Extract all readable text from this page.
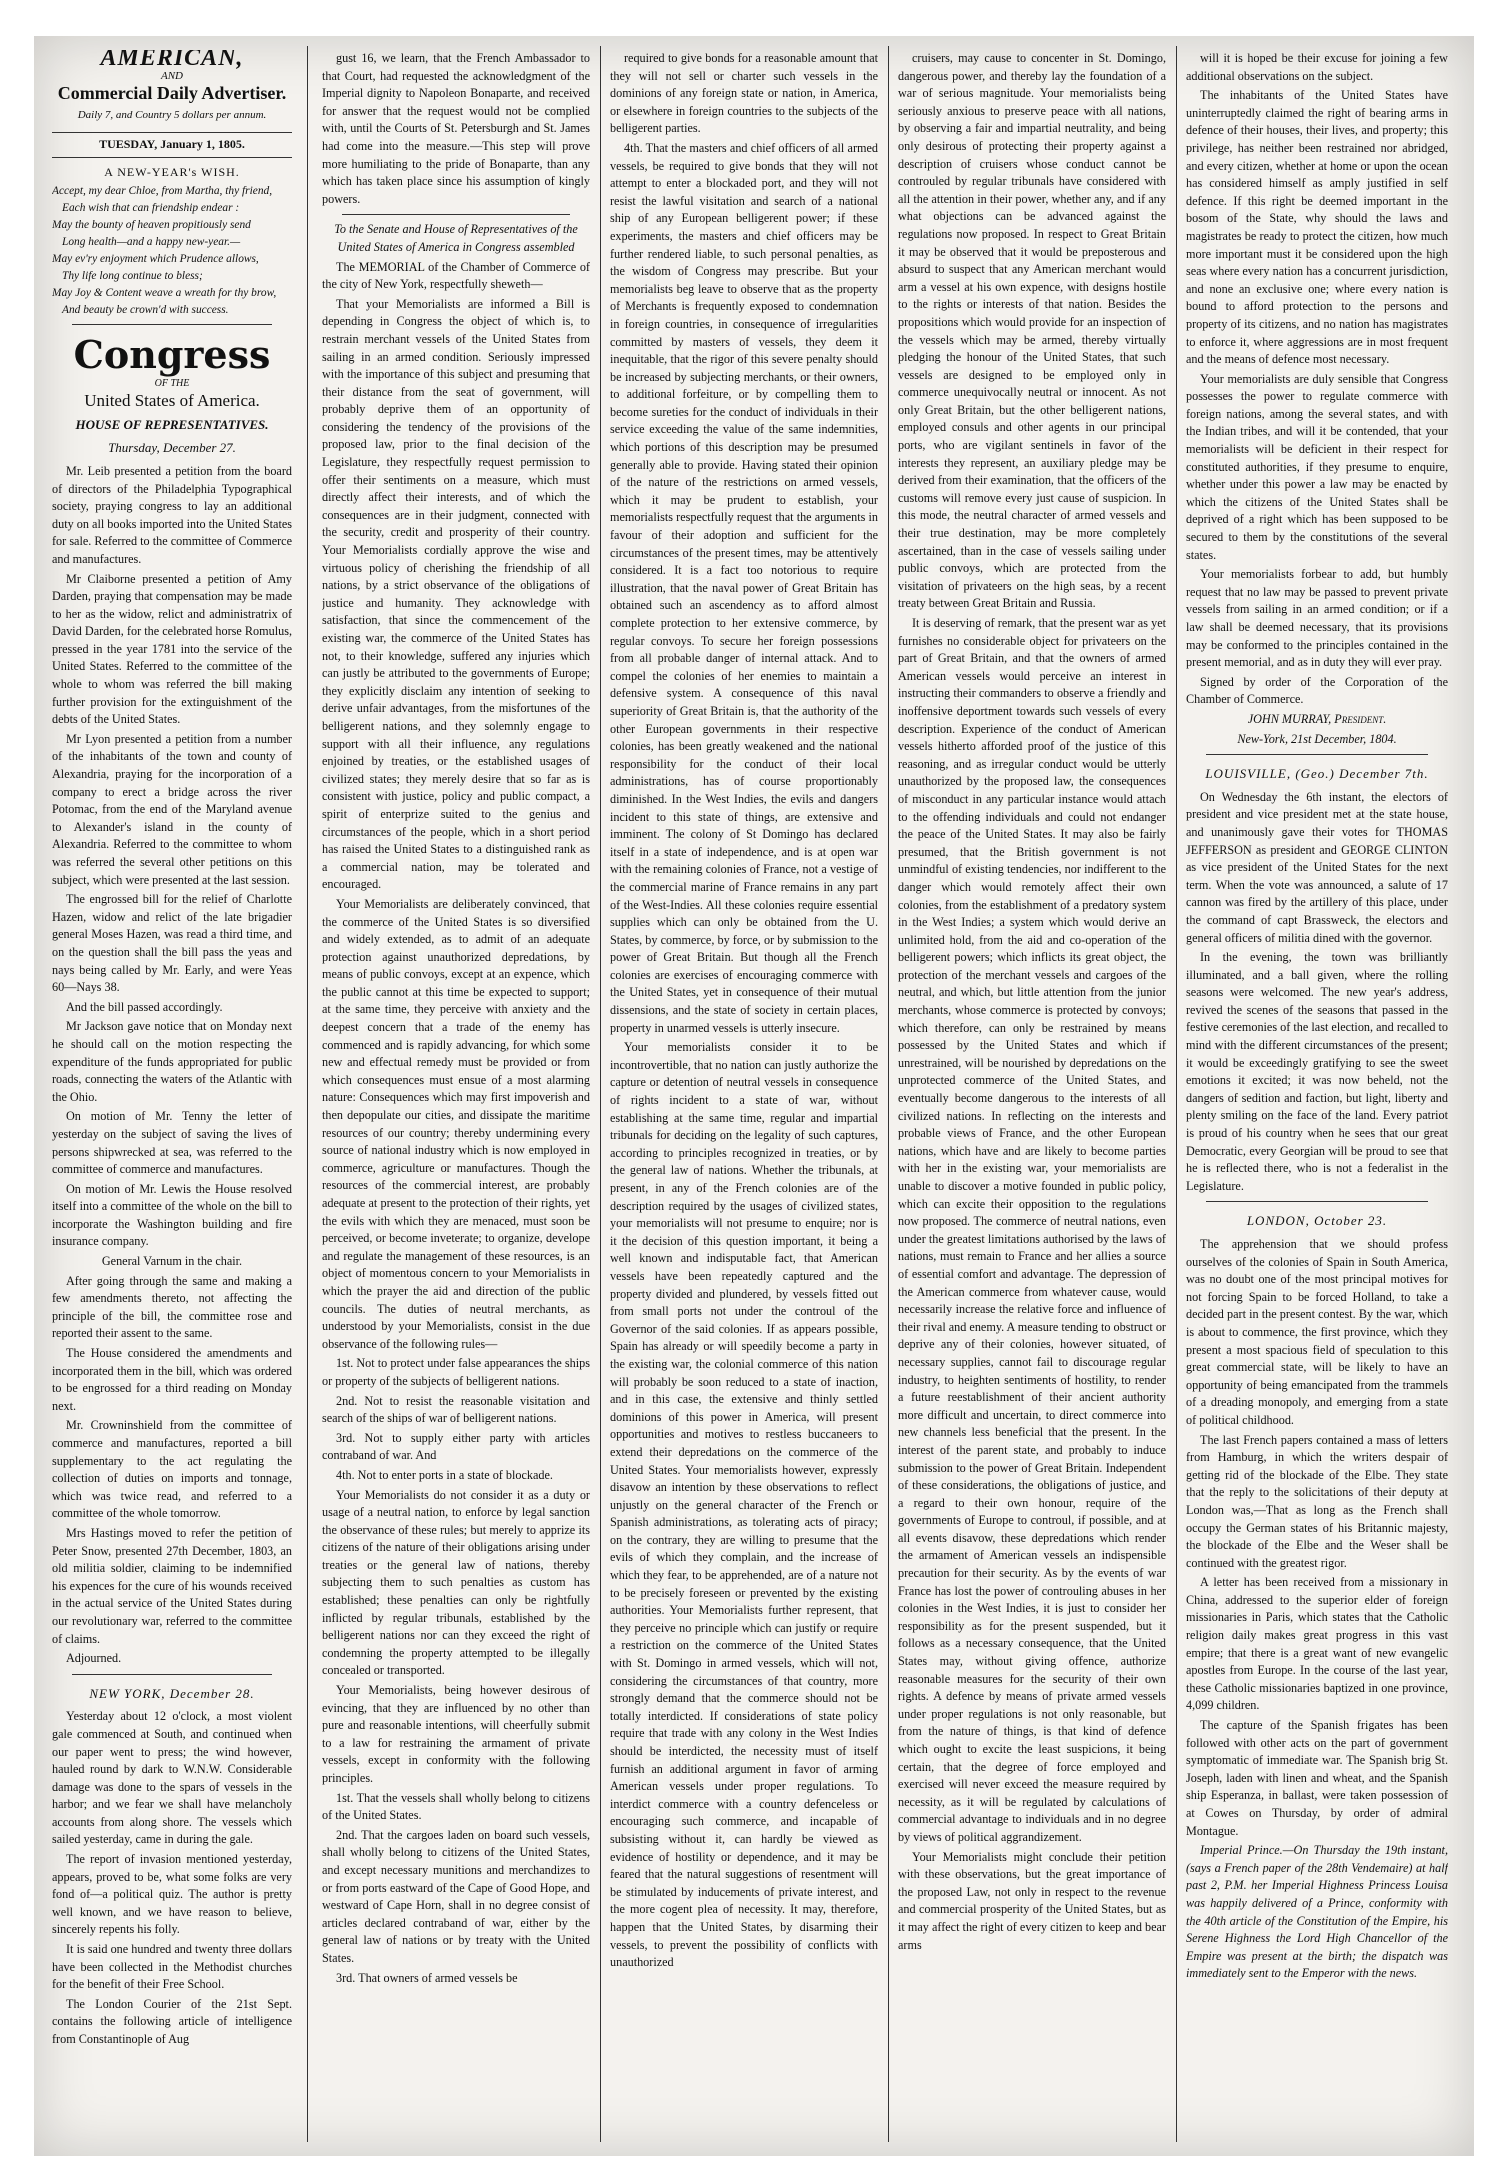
AMERICAN,
AND
Commercial Daily Advertiser.
Daily 7, and Country 5 dollars per annum.
TUESDAY, January 1, 1805.
A NEW-YEAR's WISH.

Accept, my dear Chloe, from Martha, thy friend,

Each wish that can friendship endear :

May the bounty of heaven propitiously send

Long health—and a happy new-year.—

May ev'ry enjoyment which Prudence allows,

Thy life long continue to bless;

May Joy & Content weave a wreath for thy brow,

And beauty be crown'd with success.

Congress
OF THE
United States of America.
HOUSE OF REPRESENTATIVES.
Thursday, December 27.

Mr. Leib presented a petition from the board of directors of the Philadelphia Typographical society, praying congress to lay an additional duty on all books imported into the United States for sale. Referred to the committee of Commerce and manufactures.

Mr Claiborne presented a petition of Amy Darden, praying that compensation may be made to her as the widow, relict and administratrix of David Darden, for the celebrated horse Romulus, pressed in the year 1781 into the service of the United States. Referred to the committee of the whole to whom was referred the bill making further provision for the extinguishment of the debts of the United States.

Mr Lyon presented a petition from a number of the inhabitants of the town and county of Alexandria, praying for the incorporation of a company to erect a bridge across the river Potomac, from the end of the Maryland avenue to Alexander's island in the county of Alexandria. Referred to the committee to whom was referred the several other petitions on this subject, which were presented at the last session.

The engrossed bill for the relief of Charlotte Hazen, widow and relict of the late brigadier general Moses Hazen, was read a third time, and on the question shall the bill pass the yeas and nays being called by Mr. Early, and were Yeas 60—Nays 38.

And the bill passed accordingly.

Mr Jackson gave notice that on Monday next he should call on the motion respecting the expenditure of the funds appropriated for public roads, connecting the waters of the Atlantic with the Ohio.

On motion of Mr. Tenny the letter of yesterday on the subject of saving the lives of persons shipwrecked at sea, was referred to the committee of commerce and manufactures.

On motion of Mr. Lewis the House resolved itself into a committee of the whole on the bill to incorporate the Washington building and fire insurance company.

General Varnum in the chair.

After going through the same and making a few amendments thereto, not affecting the principle of the bill, the committee rose and reported their assent to the same.

The House considered the amendments and incorporated them in the bill, which was ordered to be engrossed for a third reading on Monday next.

Mr. Crowninshield from the committee of commerce and manufactures, reported a bill supplementary to the act regulating the collection of duties on imports and tonnage, which was twice read, and referred to a committee of the whole tomorrow.

Mrs Hastings moved to refer the petition of Peter Snow, presented 27th December, 1803, an old militia soldier, claiming to be indemnified his expences for the cure of his wounds received in the actual service of the United States during our revolutionary war, referred to the committee of claims.

Adjourned.

NEW YORK, December 28.

Yesterday about 12 o'clock, a most violent gale commenced at South, and continued when our paper went to press; the wind however, hauled round by dark to W.N.W. Considerable damage was done to the spars of vessels in the harbor; and we fear we shall have melancholy accounts from along shore. The vessels which sailed yesterday, came in during the gale.

The report of invasion mentioned yesterday, appears, proved to be, what some folks are very fond of—a political quiz. The author is pretty well known, and we have reason to believe, sincerely repents his folly.

It is said one hundred and twenty three dollars have been collected in the Methodist churches for the benefit of their Free School.

The London Courier of the 21st Sept. contains the following article of intelligence from Constantinople of Aug

gust 16, we learn, that the French Ambassador to that Court, had requested the acknowledgment of the Imperial dignity to Napoleon Bonaparte, and received for answer that the request would not be complied with, until the Courts of St. Petersburgh and St. James had come into the measure.—This step will prove more humiliating to the pride of Bonaparte, than any which has taken place since his assumption of kingly powers.

To the Senate and House of Representatives of the United States of America in Congress assembled

The MEMORIAL of the Chamber of Commerce of the city of New York, respectfully sheweth—

That your Memorialists are informed a Bill is depending in Congress the object of which is, to restrain merchant vessels of the United States from sailing in an armed condition. Seriously impressed with the importance of this subject and presuming that their distance from the seat of government, will probably deprive them of an opportunity of considering the tendency of the provisions of the proposed law, prior to the final decision of the Legislature, they respectfully request permission to offer their sentiments on a measure, which must directly affect their interests, and of which the consequences are in their judgment, connected with the security, credit and prosperity of their country. Your Memorialists cordially approve the wise and virtuous policy of cherishing the friendship of all nations, by a strict observance of the obligations of justice and humanity. They acknowledge with satisfaction, that since the commencement of the existing war, the commerce of the United States has not, to their knowledge, suffered any injuries which can justly be attributed to the governments of Europe; they explicitly disclaim any intention of seeking to derive unfair advantages, from the misfortunes of the belligerent nations, and they solemnly engage to support with all their influence, any regulations enjoined by treaties, or the established usages of civilized states; they merely desire that so far as is consistent with justice, policy and public compact, a spirit of enterprize suited to the genius and circumstances of the people, which in a short period has raised the United States to a distinguished rank as a commercial nation, may be tolerated and encouraged.

Your Memorialists are deliberately convinced, that the commerce of the United States is so diversified and widely extended, as to admit of an adequate protection against unauthorized depredations, by means of public convoys, except at an expence, which the public cannot at this time be expected to support; at the same time, they perceive with anxiety and the deepest concern that a trade of the enemy has commenced and is rapidly advancing, for which some new and effectual remedy must be provided or from which consequences must ensue of a most alarming nature: Consequences which may first impoverish and then depopulate our cities, and dissipate the maritime resources of our country; thereby undermining every source of national industry which is now employed in commerce, agriculture or manufactures. Though the resources of the commercial interest, are probably adequate at present to the protection of their rights, yet the evils with which they are menaced, must soon be perceived, or become inveterate; to organize, develope and regulate the management of these resources, is an object of momentous concern to your Memorialists in which the prayer the aid and direction of the public councils. The duties of neutral merchants, as understood by your Memorialists, consist in the due observance of the following rules—

1st. Not to protect under false appearances the ships or property of the subjects of belligerent nations.

2nd. Not to resist the reasonable visitation and search of the ships of war of belligerent nations.

3rd. Not to supply either party with articles contraband of war. And

4th. Not to enter ports in a state of blockade.

Your Memorialists do not consider it as a duty or usage of a neutral nation, to enforce by legal sanction the observance of these rules; but merely to apprize its citizens of the nature of their obligations arising under treaties or the general law of nations, thereby subjecting them to such penalties as custom has established; these penalties can only be rightfully inflicted by regular tribunals, established by the belligerent nations nor can they exceed the right of condemning the property attempted to be illegally concealed or transported.

Your Memorialists, being however desirous of evincing, that they are influenced by no other than pure and reasonable intentions, will cheerfully submit to a law for restraining the armament of private vessels, except in conformity with the following principles.

1st. That the vessels shall wholly belong to citizens of the United States.

2nd. That the cargoes laden on board such vessels, shall wholly belong to citizens of the United States, and except necessary munitions and merchandizes to or from ports eastward of the Cape of Good Hope, and westward of Cape Horn, shall in no degree consist of articles declared contraband of war, either by the general law of nations or by treaty with the United States.

3rd. That owners of armed vessels be

required to give bonds for a reasonable amount that they will not sell or charter such vessels in the dominions of any foreign state or nation, in America, or elsewhere in foreign countries to the subjects of the belligerent parties.

4th. That the masters and chief officers of all armed vessels, be required to give bonds that they will not attempt to enter a blockaded port, and they will not resist the lawful visitation and search of a national ship of any European belligerent power; if these experiments, the masters and chief officers may be further rendered liable, to such personal penalties, as the wisdom of Congress may prescribe. But your memorialists beg leave to observe that as the property of Merchants is frequently exposed to condemnation in foreign countries, in consequence of irregularities committed by masters of vessels, they deem it inequitable, that the rigor of this severe penalty should be increased by subjecting merchants, or their owners, to additional forfeiture, or by compelling them to become sureties for the conduct of individuals in their service exceeding the value of the same indemnities, which portions of this description may be presumed generally able to provide. Having stated their opinion of the nature of the restrictions on armed vessels, which it may be prudent to establish, your memorialists respectfully request that the arguments in favour of their adoption and sufficient for the circumstances of the present times, may be attentively considered. It is a fact too notorious to require illustration, that the naval power of Great Britain has obtained such an ascendency as to afford almost complete protection to her extensive commerce, by regular convoys. To secure her foreign possessions from all probable danger of internal attack. And to compel the colonies of her enemies to maintain a defensive system. A consequence of this naval superiority of Great Britain is, that the authority of the other European governments in their respective colonies, has been greatly weakened and the national responsibility for the conduct of their local administrations, has of course proportionably diminished. In the West Indies, the evils and dangers incident to this state of things, are extensive and imminent. The colony of St Domingo has declared itself in a state of independence, and is at open war with the remaining colonies of France, not a vestige of the commercial marine of France remains in any part of the West-Indies. All these colonies require essential supplies which can only be obtained from the U. States, by commerce, by force, or by submission to the power of Great Britain. But though all the French colonies are exercises of encouraging commerce with the United States, yet in consequence of their mutual dissensions, and the state of society in certain places, property in unarmed vessels is utterly insecure.

Your memorialists consider it to be incontrovertible, that no nation can justly authorize the capture or detention of neutral vessels in consequence of rights incident to a state of war, without establishing at the same time, regular and impartial tribunals for deciding on the legality of such captures, according to principles recognized in treaties, or by the general law of nations. Whether the tribunals, at present, in any of the French colonies are of the description required by the usages of civilized states, your memorialists will not presume to enquire; nor is it the decision of this question important, it being a well known and indisputable fact, that American vessels have been repeatedly captured and the property divided and plundered, by vessels fitted out from small ports not under the controul of the Governor of the said colonies. If as appears possible, Spain has already or will speedily become a party in the existing war, the colonial commerce of this nation will probably be soon reduced to a state of inaction, and in this case, the extensive and thinly settled dominions of this power in America, will present opportunities and motives to restless buccaneers to extend their depredations on the commerce of the United States. Your memorialists however, expressly disavow an intention by these observations to reflect unjustly on the general character of the French or Spanish administrations, as tolerating acts of piracy; on the contrary, they are willing to presume that the evils of which they complain, and the increase of which they fear, to be apprehended, are of a nature not to be precisely foreseen or prevented by the existing authorities. Your Memorialists further represent, that they perceive no principle which can justify or require a restriction on the commerce of the United States with St. Domingo in armed vessels, which will not, considering the circumstances of that country, more strongly demand that the commerce should not be totally interdicted. If considerations of state policy require that trade with any colony in the West Indies should be interdicted, the necessity must of itself furnish an additional argument in favor of arming American vessels under proper regulations. To interdict commerce with a country defenceless or encouraging such commerce, and incapable of subsisting without it, can hardly be viewed as evidence of hostility or dependence, and it may be feared that the natural suggestions of resentment will be stimulated by inducements of private interest, and the more cogent plea of necessity. It may, therefore, happen that the United States, by disarming their vessels, to prevent the possibility of conflicts with unauthorized

cruisers, may cause to concenter in St. Domingo, dangerous power, and thereby lay the foundation of a war of serious magnitude. Your memorialists being seriously anxious to preserve peace with all nations, by observing a fair and impartial neutrality, and being only desirous of protecting their property against a description of cruisers whose conduct cannot be controuled by regular tribunals have considered with all the attention in their power, whether any, and if any what objections can be advanced against the regulations now proposed. In respect to Great Britain it may be observed that it would be preposterous and absurd to suspect that any American merchant would arm a vessel at his own expence, with designs hostile to the rights or interests of that nation. Besides the propositions which would provide for an inspection of the vessels which may be armed, thereby virtually pledging the honour of the United States, that such vessels are designed to be employed only in commerce unequivocally neutral or innocent. As not only Great Britain, but the other belligerent nations, employed consuls and other agents in our principal ports, who are vigilant sentinels in favor of the interests they represent, an auxiliary pledge may be derived from their examination, that the officers of the customs will remove every just cause of suspicion. In this mode, the neutral character of armed vessels and their true destination, may be more completely ascertained, than in the case of vessels sailing under public convoys, which are protected from the visitation of privateers on the high seas, by a recent treaty between Great Britain and Russia.

It is deserving of remark, that the present war as yet furnishes no considerable object for privateers on the part of Great Britain, and that the owners of armed American vessels would perceive an interest in instructing their commanders to observe a friendly and inoffensive deportment towards such vessels of every description. Experience of the conduct of American vessels hitherto afforded proof of the justice of this reasoning, and as irregular conduct would be utterly unauthorized by the proposed law, the consequences of misconduct in any particular instance would attach to the offending individuals and could not endanger the peace of the United States. It may also be fairly presumed, that the British government is not unmindful of existing tendencies, nor indifferent to the danger which would remotely affect their own colonies, from the establishment of a predatory system in the West Indies; a system which would derive an unlimited hold, from the aid and co-operation of the belligerent powers; which inflicts its great object, the protection of the merchant vessels and cargoes of the neutral, and which, but little attention from the junior merchants, whose commerce is protected by convoys; which therefore, can only be restrained by means possessed by the United States and which if unrestrained, will be nourished by depredations on the unprotected commerce of the United States, and eventually become dangerous to the interests of all civilized nations. In reflecting on the interests and probable views of France, and the other European nations, which have and are likely to become parties with her in the existing war, your memorialists are unable to discover a motive founded in public policy, which can excite their opposition to the regulations now proposed. The commerce of neutral nations, even under the greatest limitations authorised by the laws of nations, must remain to France and her allies a source of essential comfort and advantage. The depression of the American commerce from whatever cause, would necessarily increase the relative force and influence of their rival and enemy. A measure tending to obstruct or deprive any of their colonies, however situated, of necessary supplies, cannot fail to discourage regular industry, to heighten sentiments of hostility, to render a future reestablishment of their ancient authority more difficult and uncertain, to direct commerce into new channels less beneficial that the present. In the interest of the parent state, and probably to induce submission to the power of Great Britain. Independent of these considerations, the obligations of justice, and a regard to their own honour, require of the governments of Europe to controul, if possible, and at all events disavow, these depredations which render the armament of American vessels an indispensible precaution for their security. As by the events of war France has lost the power of controuling abuses in her colonies in the West Indies, it is just to consider her responsibility as for the present suspended, but it follows as a necessary consequence, that the United States may, without giving offence, authorize reasonable measures for the security of their own rights. A defence by means of private armed vessels under proper regulations is not only reasonable, but from the nature of things, is that kind of defence which ought to excite the least suspicions, it being certain, that the degree of force employed and exercised will never exceed the measure required by necessity, as it will be regulated by calculations of commercial advantage to individuals and in no degree by views of political aggrandizement.

Your Memorialists might conclude their petition with these observations, but the great importance of the proposed Law, not only in respect to the revenue and commercial prosperity of the United States, but as it may affect the right of every citizen to keep and bear arms

will it is hoped be their excuse for joining a few additional observations on the subject.

The inhabitants of the United States have uninterruptedly claimed the right of bearing arms in defence of their houses, their lives, and property; this privilege, has neither been restrained nor abridged, and every citizen, whether at home or upon the ocean has considered himself as amply justified in self defence. If this right be deemed important in the bosom of the State, why should the laws and magistrates be ready to protect the citizen, how much more important must it be considered upon the high seas where every nation has a concurrent jurisdiction, and none an exclusive one; where every nation is bound to afford protection to the persons and property of its citizens, and no nation has magistrates to enforce it, where aggressions are in most frequent and the means of defence most necessary.

Your memorialists are duly sensible that Congress possesses the power to regulate commerce with foreign nations, among the several states, and with the Indian tribes, and will it be contended, that your memorialists will be deficient in their respect for constituted authorities, if they presume to enquire, whether under this power a law may be enacted by which the citizens of the United States shall be deprived of a right which has been supposed to be secured to them by the constitutions of the several states.

Your memorialists forbear to add, but humbly request that no law may be passed to prevent private vessels from sailing in an armed condition; or if a law shall be deemed necessary, that its provisions may be conformed to the principles contained in the present memorial, and as in duty they will ever pray.

Signed by order of the Corporation of the Chamber of Commerce.

JOHN MURRAY, President.

New-York, 21st December, 1804.

LOUISVILLE, (Geo.) December 7th.

On Wednesday the 6th instant, the electors of president and vice president met at the state house, and unanimously gave their votes for THOMAS JEFFERSON as president and GEORGE CLINTON as vice president of the United States for the next term. When the vote was announced, a salute of 17 cannon was fired by the artillery of this place, under the command of capt Brassweck, the electors and general officers of militia dined with the governor.

In the evening, the town was brilliantly illuminated, and a ball given, where the rolling seasons were welcomed. The new year's address, revived the scenes of the seasons that passed in the festive ceremonies of the last election, and recalled to mind with the different circumstances of the present; it would be exceedingly gratifying to see the sweet emotions it excited; it was now beheld, not the dangers of sedition and faction, but light, liberty and plenty smiling on the face of the land. Every patriot is proud of his country when he sees that our great Democratic, every Georgian will be proud to see that he is reflected there, who is not a federalist in the Legislature.

LONDON, October 23.

The apprehension that we should profess ourselves of the colonies of Spain in South America, was no doubt one of the most principal motives for not forcing Spain to be forced Holland, to take a decided part in the present contest. By the war, which is about to commence, the first province, which they present a most spacious field of speculation to this great commercial state, will be likely to have an opportunity of being emancipated from the trammels of a dreading monopoly, and emerging from a state of political childhood.

The last French papers contained a mass of letters from Hamburg, in which the writers despair of getting rid of the blockade of the Elbe. They state that the reply to the solicitations of their deputy at London was,—That as long as the French shall occupy the German states of his Britannic majesty, the blockade of the Elbe and the Weser shall be continued with the greatest rigor.

A letter has been received from a missionary in China, addressed to the superior elder of foreign missionaries in Paris, which states that the Catholic religion daily makes great progress in this vast empire; that there is a great want of new evangelic apostles from Europe. In the course of the last year, these Catholic missionaries baptized in one province, 4,099 children.

The capture of the Spanish frigates has been followed with other acts on the part of government symptomatic of immediate war. The Spanish brig St. Joseph, laden with linen and wheat, and the Spanish ship Esperanza, in ballast, were taken possession of at Cowes on Thursday, by order of admiral Montague.

Imperial Prince.—On Thursday the 19th instant, (says a French paper of the 28th Vendemaire) at half past 2, P.M. her Imperial Highness Princess Louisa was happily delivered of a Prince, conformity with the 40th article of the Constitution of the Empire, his Serene Highness the Lord High Chancellor of the Empire was present at the birth; the dispatch was immediately sent to the Emperor with the news.
